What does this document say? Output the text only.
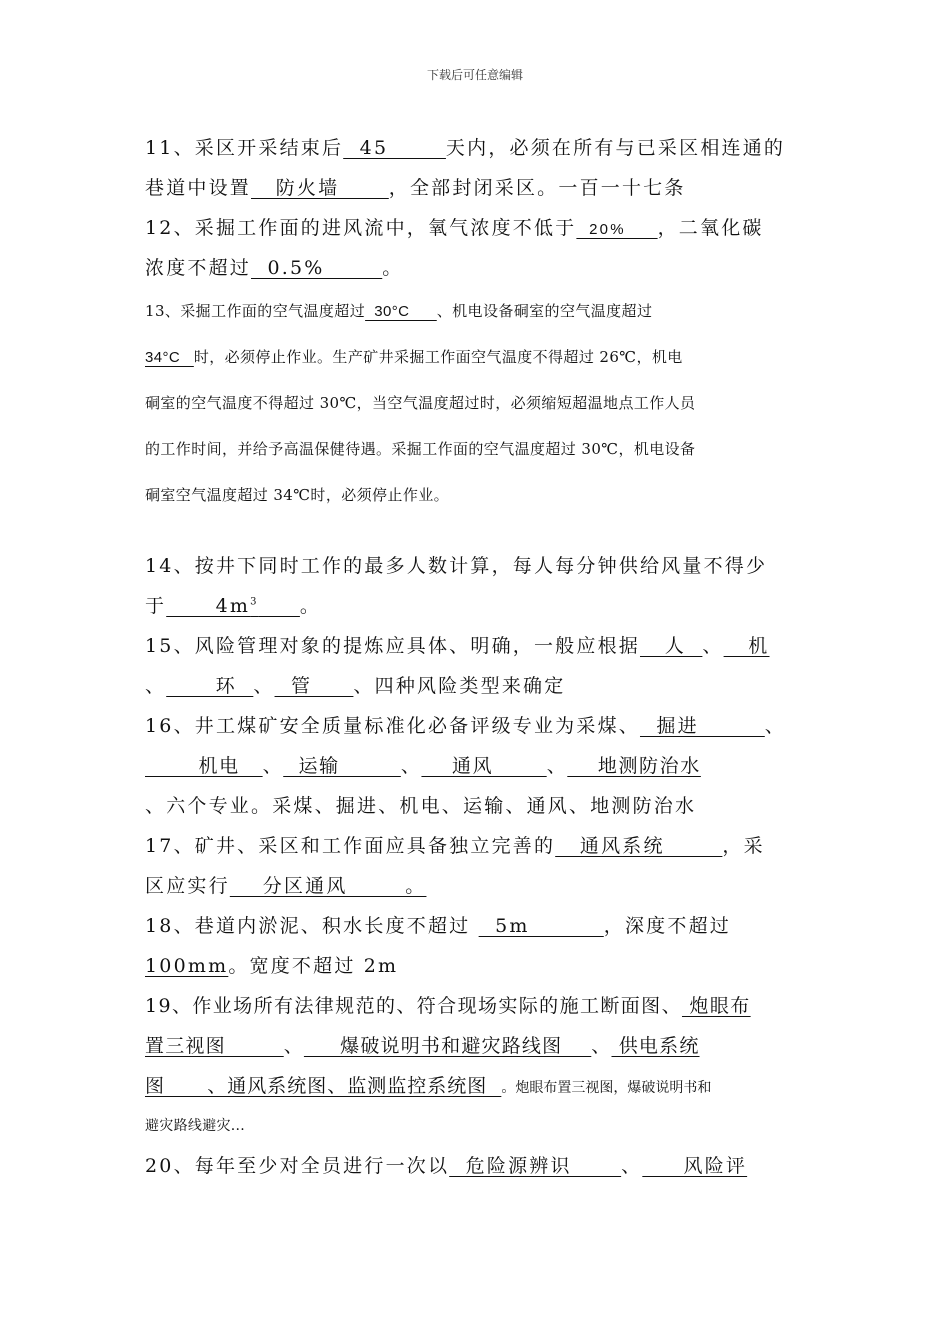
下载后可任意编辑
11、采区开采结束后  45       天内，必须在所有与已采区相连通的
巷道中设置   防火墙      ，全部封闭采区。一百一十七条
12、采掘工作面的进风流中，氧气浓度不低于  20%     ，二氧化碳
浓度不超过  0.5%       。
13、采掘工作面的空气温度超过  30°C      、机电设备硐室的空气温度超过
34°C   时，必须停止作业。生产矿井采掘工作面空气温度不得超过 26℃，机电
硐室的空气温度不得超过 30℃，当空气温度超过时，必须缩短超温地点工作人员
的工作时间，并给予高温保健待遇。采掘工作面的空气温度超过 30℃，机电设备
硐室空气温度超过 34℃时，必须停止作业。
14、按井下同时工作的最多人数计算，每人每分钟供给风量不得少
于      $4m^3$ 。
15、风险管理对象的提炼应具体、明确，一般应根据   人  、   机
、      环  、  管     、四种风险类型来确定
16、井工煤矿安全质量标准化必备评级专业为采煤、  掘进        、
机电   、  运输        、    通风       、    地测防治水
、六个专业。采煤、掘进、机电、运输、通风、地测防治水
17、矿井、采区和工作面应具备独立完善的   通风系统       ，采
区应实行    分区通风       。
18、巷道内淤泥、积水长度不超过   5m         ，深度不超过
100mm。宽度不超过 2m
19、作业场所有法律规范的、符合现场实际的施工断面图、 炮眼布
置三视图        、     爆破说明书和避灾路线图    、 供电系统
图      、通风系统图、监测监控系统图  。炮眼布置三视图，爆破说明书和
避灾路线避灾...
20、每年至少对全员进行一次以  危险源辨识      、     风险评
